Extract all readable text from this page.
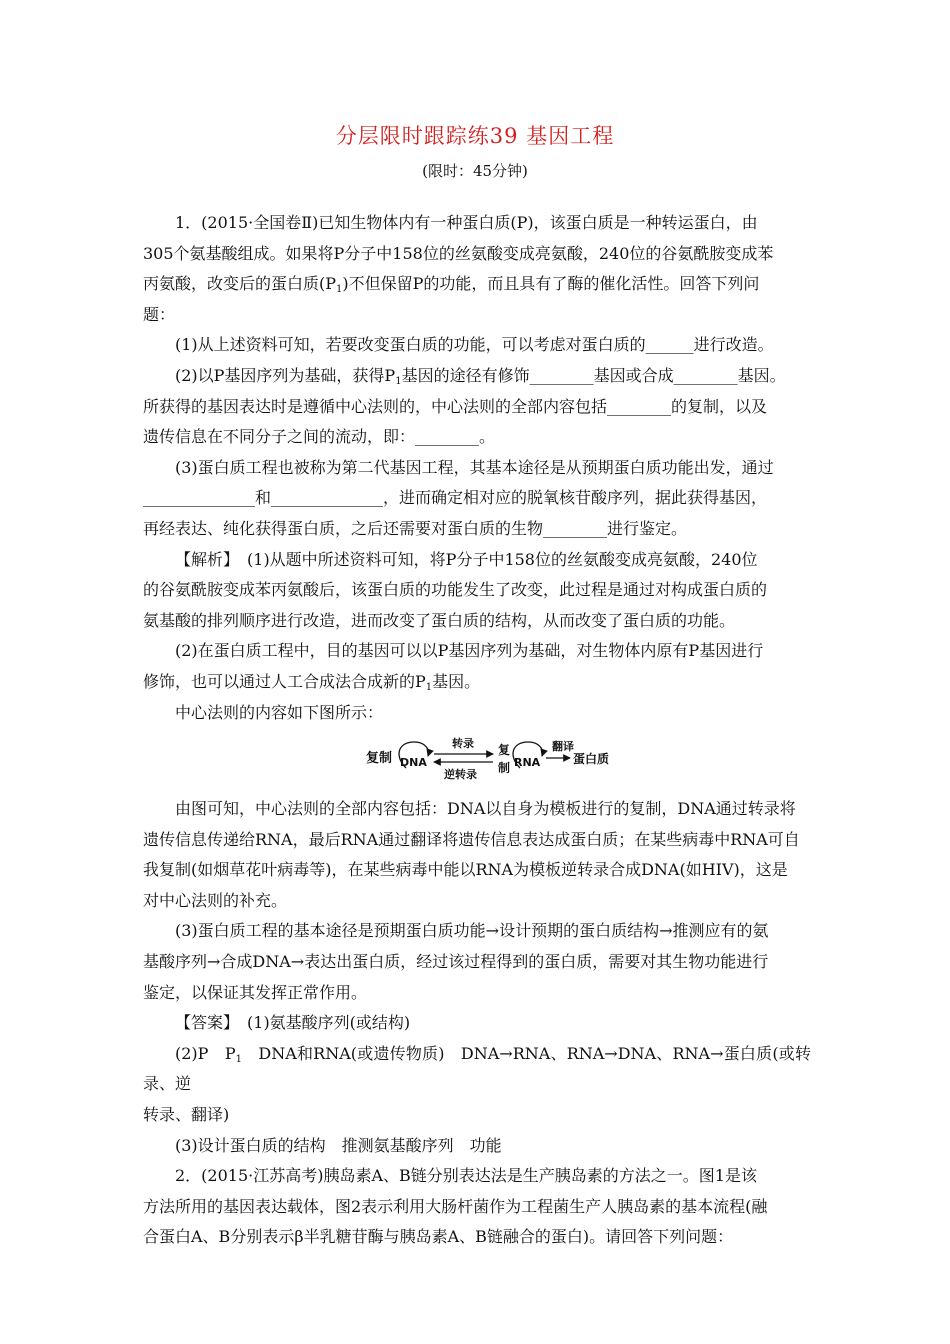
分层限时跟踪练39 基因工程
(限时：45分钟)

1．(2015·全国卷Ⅱ)已知生物体内有一种蛋白质(P)，该蛋白质是一种转运蛋白，由

305个氨基酸组成。如果将P分子中158位的丝氨酸变成亮氨酸，240位的谷氨酰胺变成苯

丙氨酸，改变后的蛋白质$(P_1)$不但保留P的功能，而且具有了酶的催化活性。回答下列问

题：

(1)从上述资料可知，若要改变蛋白质的功能，可以考虑对蛋白质的______进行改造。

(2)以P基因序列为基础，获得$P_1$基因的途径有修饰________基因或合成________基因。

所获得的基因表达时是遵循中心法则的，中心法则的全部内容包括________的复制，以及

遗传信息在不同分子之间的流动，即：________。

(3)蛋白质工程也被称为第二代基因工程，其基本途径是从预期蛋白质功能出发，通过

______________和______________，进而确定相对应的脱氧核苷酸序列，据此获得基因，

再经表达、纯化获得蛋白质，之后还需要对蛋白质的生物________进行鉴定。

【解析】　(1)从题中所述资料可知，将P分子中158位的丝氨酸变成亮氨酸，240位

的谷氨酰胺变成苯丙氨酸后，该蛋白质的功能发生了改变，此过程是通过对构成蛋白质的

氨基酸的排列顺序进行改造，进而改变了蛋白质的结构，从而改变了蛋白质的功能。

(2)在蛋白质工程中，目的基因可以以P基因序列为基础，对生物体内原有P基因进行

修饰，也可以通过人工合成法合成新的$P_1$基因。

中心法则的内容如下图所示：

复制 DNA
转录
逆转录
复
制 RNA
翻译
蛋白质

由图可知，中心法则的全部内容包括：DNA以自身为模板进行的复制，DNA通过转录将

遗传信息传递给RNA，最后RNA通过翻译将遗传信息表达成蛋白质；在某些病毒中RNA可自

我复制(如烟草花叶病毒等)，在某些病毒中能以RNA为模板逆转录合成DNA(如HIV)，这是

对中心法则的补充。

(3)蛋白质工程的基本途径是预期蛋白质功能→设计预期的蛋白质结构→推测应有的氨

基酸序列→合成DNA→表达出蛋白质，经过该过程得到的蛋白质，需要对其生物功能进行

鉴定，以保证其发挥正常作用。

【答案】　(1)氨基酸序列(或结构)

(2)P　$P_1$　DNA和RNA(或遗传物质)　DNA→RNA、RNA→DNA、RNA→蛋白质(或转录、逆

转录、翻译)

(3)设计蛋白质的结构　推测氨基酸序列　功能

2．(2015·江苏高考)胰岛素A、B链分别表达法是生产胰岛素的方法之一。图1是该

方法所用的基因表达载体，图2表示利用大肠杆菌作为工程菌生产人胰岛素的基本流程(融

合蛋白A、B分别表示β半乳糖苷酶与胰岛素A、B链融合的蛋白)。请回答下列问题：
